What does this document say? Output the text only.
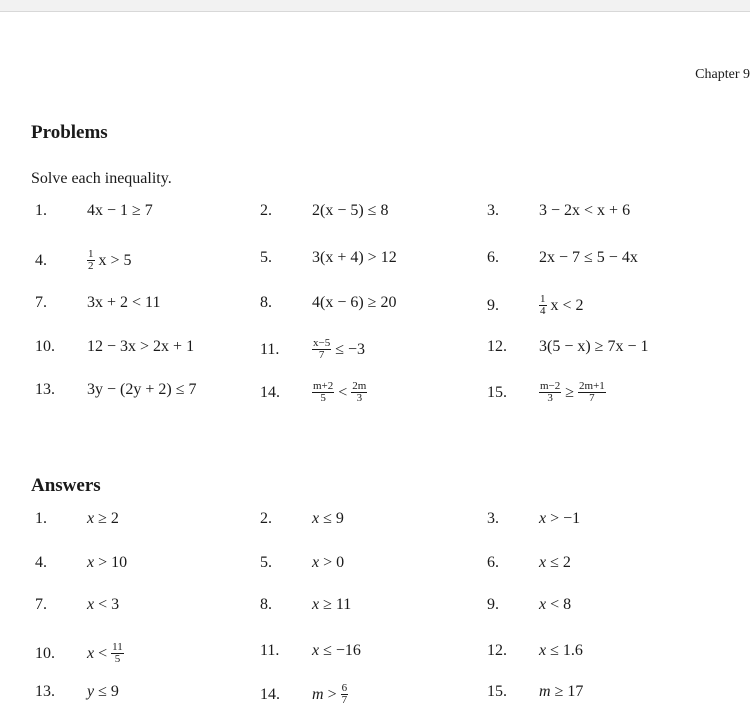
Chapter 9
Problems
Solve each inequality.
1.	4x − 1 ≥ 7	2.	2(x − 5) ≤ 8	3.	3 − 2x < x + 6
4.	$\frac{1}{2}$ x > 5	5.	3(x + 4) > 12	6.	2x − 7 ≤ 5 − 4x
7.	3x + 2 < 11	8.	4(x − 6) ≥ 20	9.	$\frac{1}{4}$ x < 2
10.	12 − 3x > 2x + 1	11.	$\frac{x-5}{7} \le -3$	12.	3(5 − x) ≥ 7x − 1
13.	3y − (2y + 2) ≤ 7	14.	$\frac{m+2}{5} < \frac{2m}{3}$	15.	$\frac{m-2}{3} \ge \frac{2m+1}{7}$
Answers
1.	x ≥ 2	2.	x ≤ 9	3.	x > −1
4.	x > 10	5.	x > 0	6.	x ≤ 2
7.	x < 3	8.	x ≥ 11	9.	x < 8
10.	$x < \frac{11}{5}$	11.	x ≤ −16	12.	x ≤ 1.6
13.	y ≤ 9	14.	$m > \frac{6}{7}$	15.	m ≥ 17
